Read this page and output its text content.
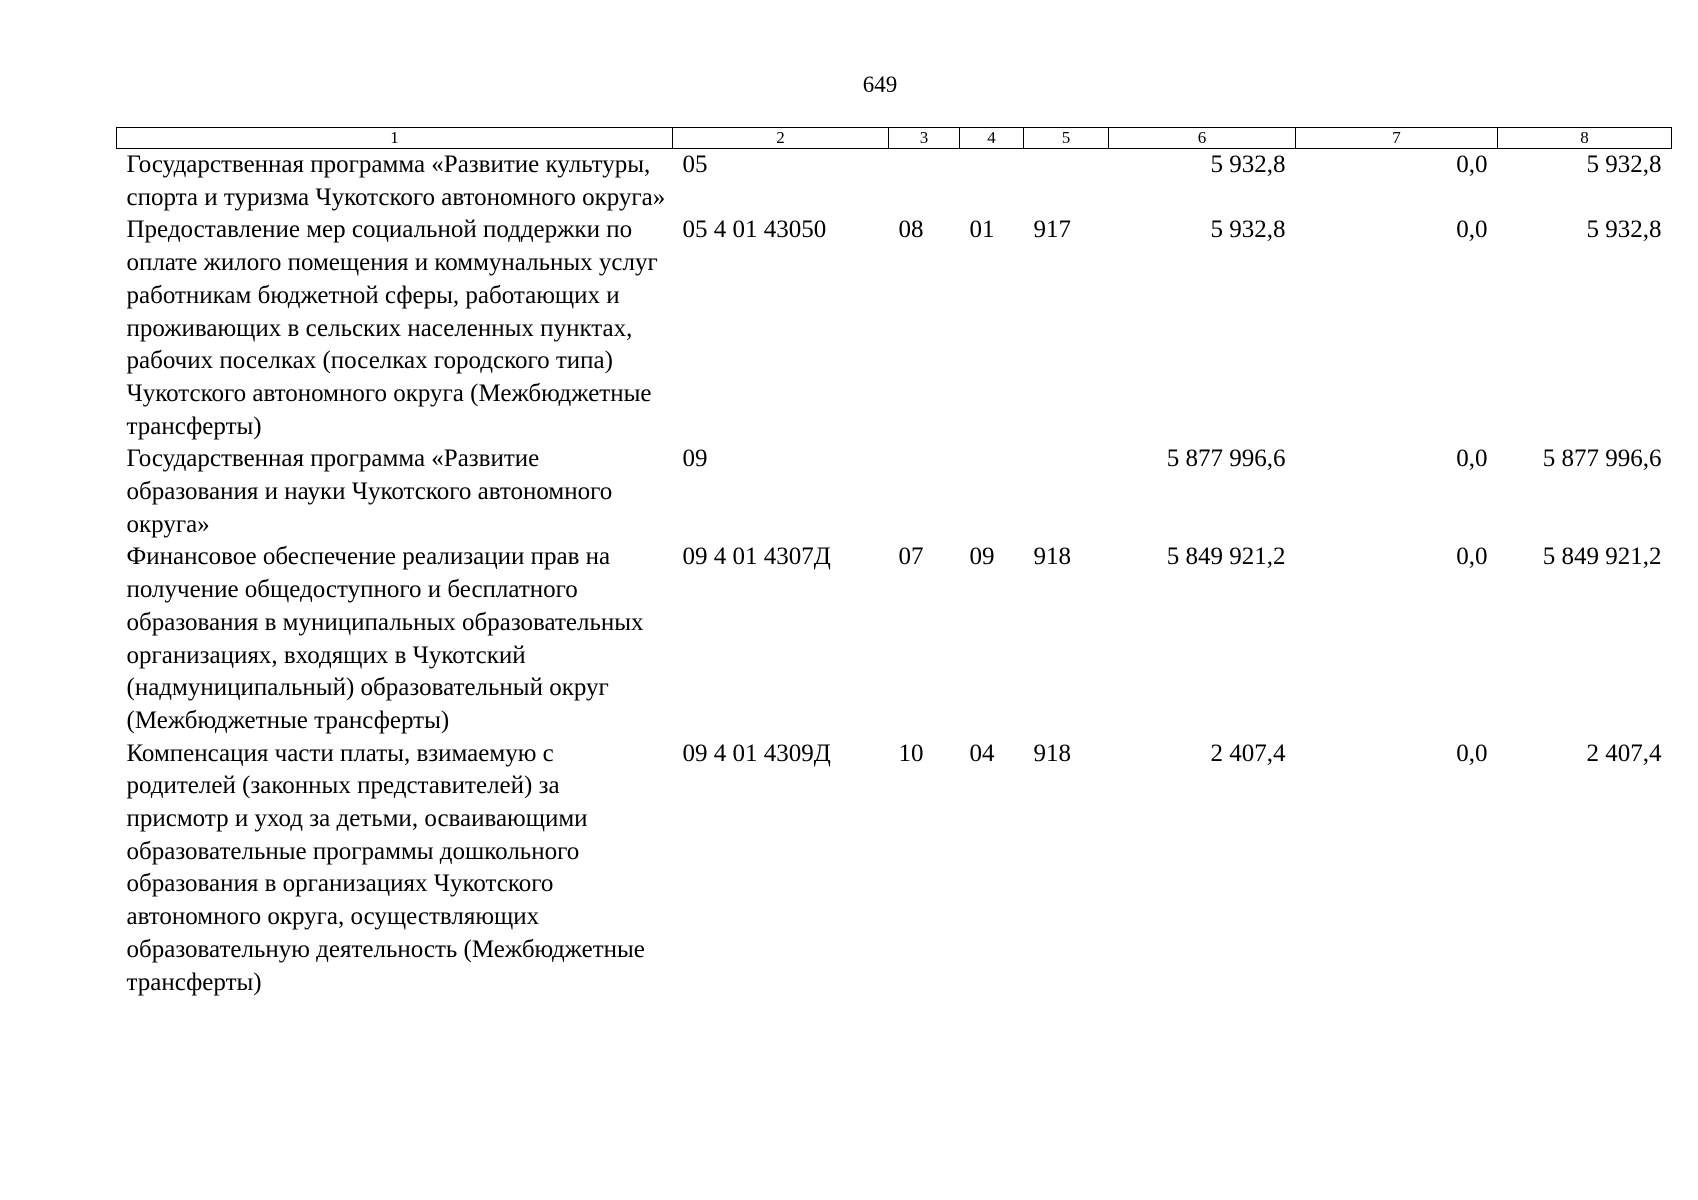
649
1	2	3	4	5	6	7	8
Государственная программа «Развитие культуры, спорта и туризма Чукотского автономного округа»	05				5 932,8	0,0	5 932,8
Предоставление мер социальной поддержки по оплате жилого помещения и коммунальных услуг работникам бюджетной сферы, работающих и проживающих в сельских населенных пунктах, рабочих поселках (поселках городского типа) Чукотского автономного округа (Межбюджетные трансферты)	05 4 01 43050	08	01	917	5 932,8	0,0	5 932,8
Государственная программа «Развитие образования и науки Чукотского автономного округа»	09				5 877 996,6	0,0	5 877 996,6
Финансовое обеспечение реализации прав на получение общедоступного и бесплатного образования в муниципальных образовательных организациях, входящих в Чукотский (надмуниципальный) образовательный округ (Межбюджетные трансферты)	09 4 01 4307Д	07	09	918	5 849 921,2	0,0	5 849 921,2
Компенсация части платы, взимаемую с родителей (законных представителей) за присмотр и уход за детьми, осваивающими образовательные программы дошкольного образования в организациях Чукотского автономного округа, осуществляющих образовательную деятельность (Межбюджетные трансферты)	09 4 01 4309Д	10	04	918	2 407,4	0,0	2 407,4
